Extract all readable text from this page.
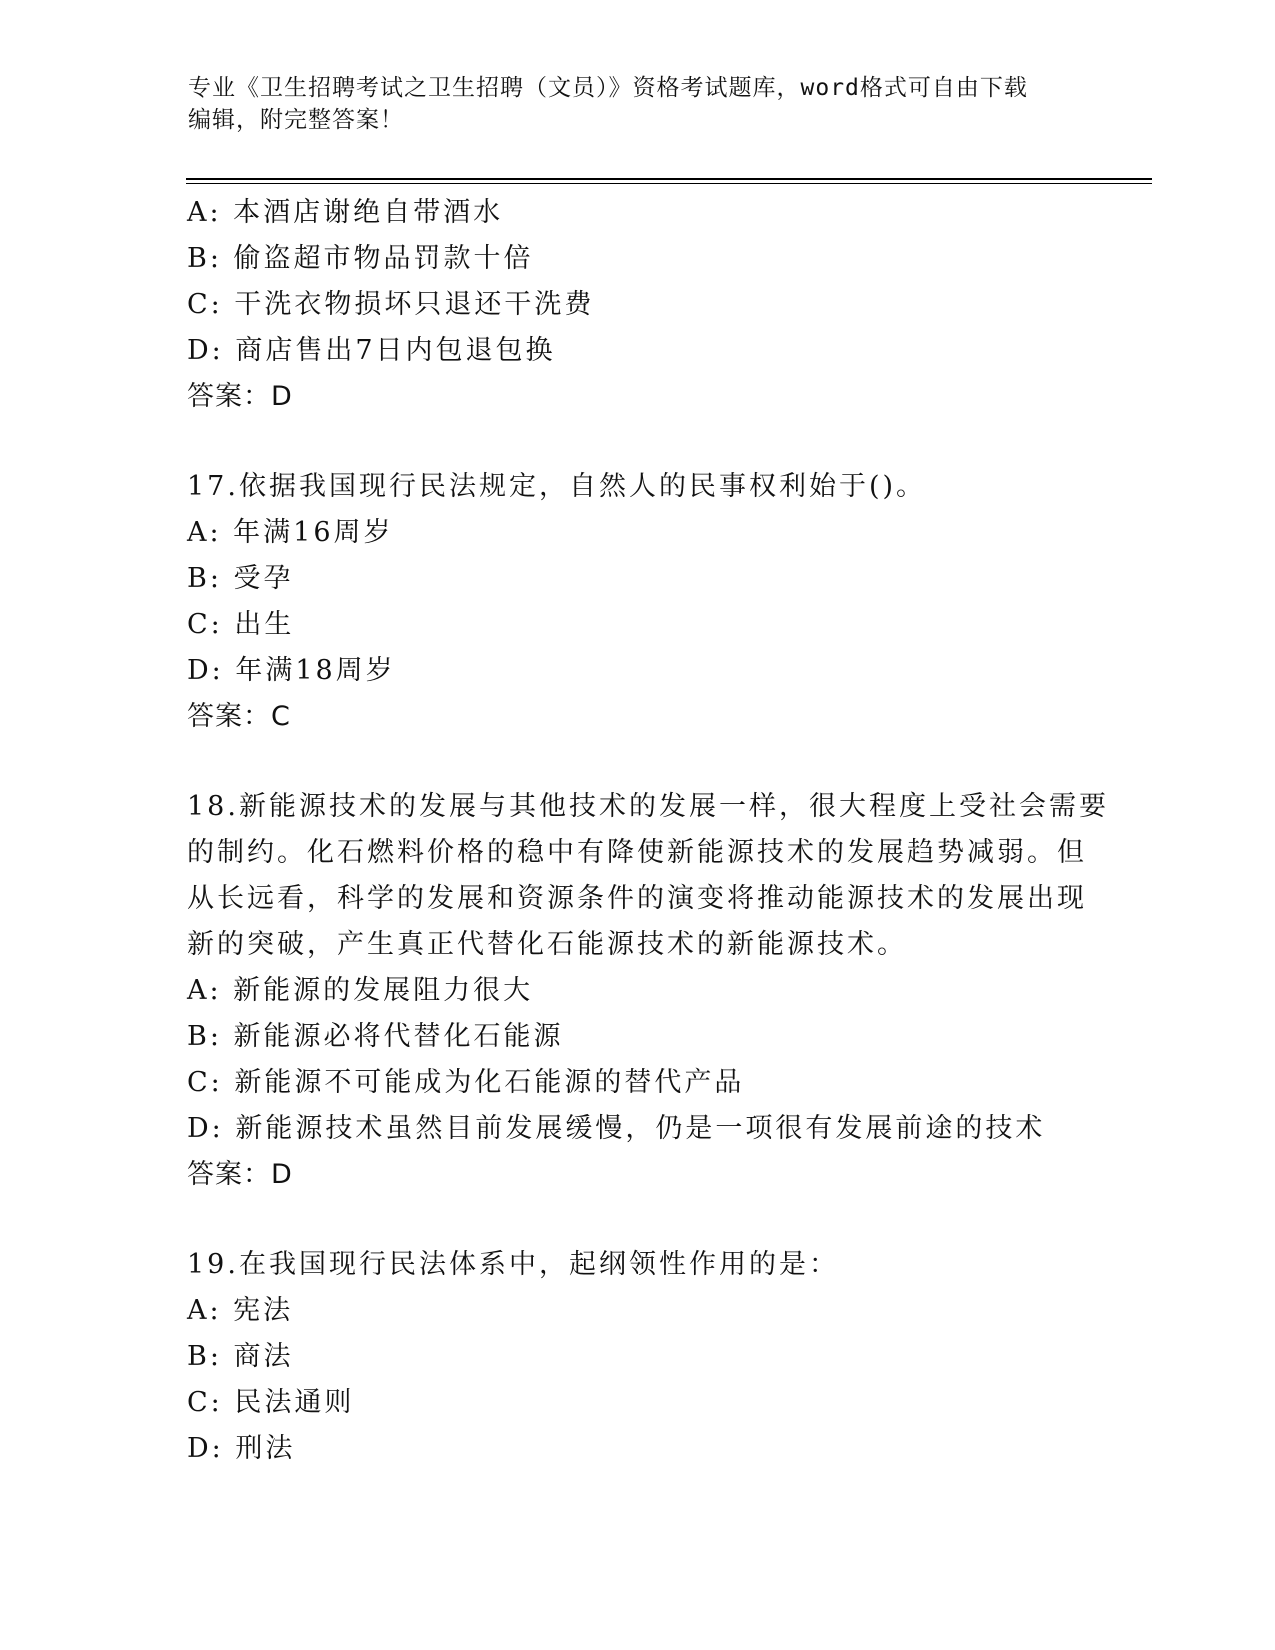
专业《卫生招聘考试之卫生招聘（文员）》资格考试题库，word格式可自由下载
编辑，附完整答案！
A: 本酒店谢绝自带酒水
B: 偷盗超市物品罚款十倍
C: 干洗衣物损坏只退还干洗费
D: 商店售出7日内包退包换
答案：D
17.依据我国现行民法规定，自然人的民事权利始于()。
A: 年满16周岁
B: 受孕
C: 出生
D: 年满18周岁
答案：C
18.新能源技术的发展与其他技术的发展一样，很大程度上受社会需要
的制约。化石燃料价格的稳中有降使新能源技术的发展趋势减弱。但
从长远看，科学的发展和资源条件的演变将推动能源技术的发展出现
新的突破，产生真正代替化石能源技术的新能源技术。
A: 新能源的发展阻力很大
B: 新能源必将代替化石能源
C: 新能源不可能成为化石能源的替代产品
D: 新能源技术虽然目前发展缓慢，仍是一项很有发展前途的技术
答案：D
19.在我国现行民法体系中，起纲领性作用的是：
A: 宪法
B: 商法
C: 民法通则
D: 刑法
